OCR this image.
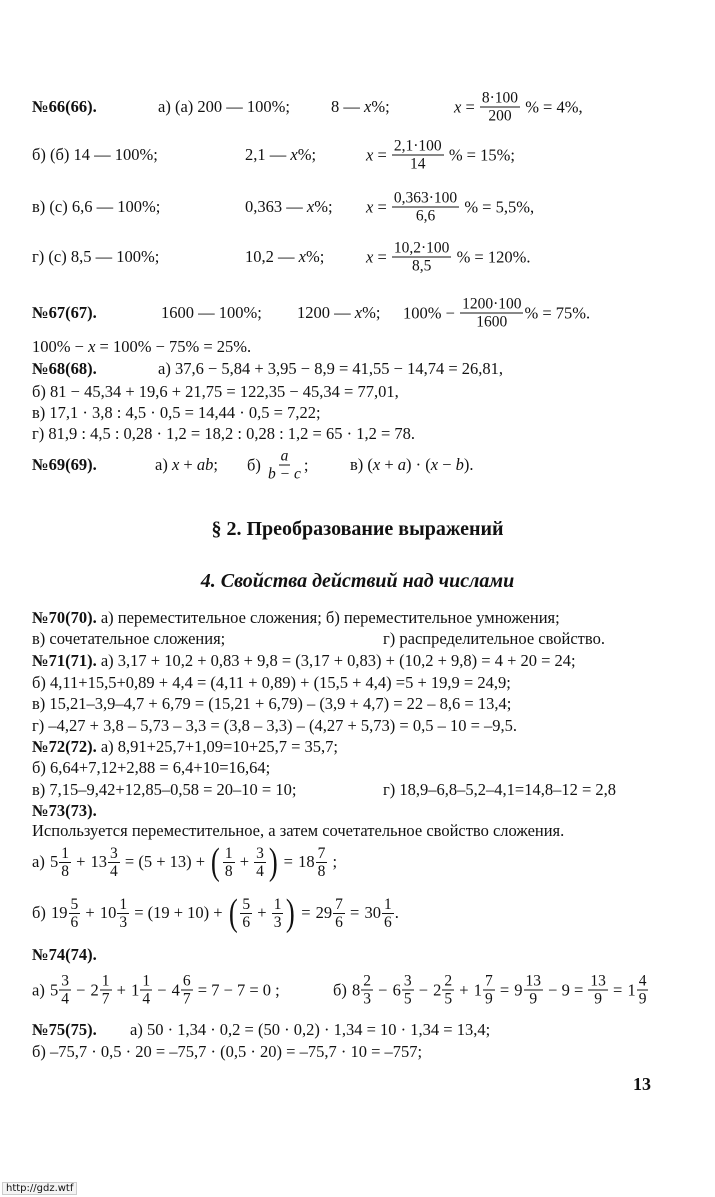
№66(66).	а) (а) 200 — 100%; 8 — x %;	$x = \frac{8\cdot 100}{200}$ % = 4%,
б) (б) 14 — 100%;	2,1 — x %;	$x = \frac{2,1\cdot 100}{14}$ % = 15%;
в) (с) 6,6 — 100%;	0,363 — x %; $x = \frac{0,363\cdot 100}{6,6}$ % = 5,5%,
г) (с) 8,5 — 100%;	10,2 — x %;	$x = \frac{10,2\cdot 100}{8,5}$ % = 120%.
№67(67).	1600 — 100%; 1200 — x %; $100\% - \frac{1200\cdot 100}{1600}$ % = 75%.
100% − x = 100% − 75% = 25%.
№68(68).	а) 37,6 − 5,84 + 3,95 − 8,9 = 41,55 − 14,74 = 26,81,
б) 81 − 45,34 + 19,6 + 21,75 = 122,35 − 45,34 = 77,01,
в) 17,1 · 3,8 : 4,5 · 0,5 = 14,44 · 0,5 = 7,22;
г) 81,9 : 4,5 : 0,28 · 1,2 = 18,2 : 0,28 : 1,2 = 65 · 1,2 = 78.
№69(69).	а) x + ab ; $б) \frac{a}{b - c}$ ;	в) ( x + a ) · ( x − b ).
№70(70). а) переместительное сложения; б) переместительное умножения;
в) сочетательное сложения;	г) распределительное свойство.
№71(71). а) 3,17 + 10,2 + 0,83 + 9,8 = (3,17 + 0,83) + (10,2 + 9,8) = 4 + 20 = 24;
б) 4,11+15,5+0,89 + 4,4 = (4,11 + 0,89) + (15,5 + 4,4) =5 + 19,9 = 24,9;
в) 15,21–3,9–4,7 + 6,79 = (15,21 + 6,79) – (3,9 + 4,7) = 22 – 8,6 = 13,4;
г) –4,27 + 3,8 – 5,73 – 3,3 = (3,8 – 3,3) – (4,27 + 5,73) = 0,5 – 10 = –9,5.
№72(72). а) 8,91+25,7+1,09=10+25,7 = 35,7;
б) 6,64+7,12+2,88 = 6,4+10=16,64;
в) 7,15–9,42+12,85–0,58 = 20–10 = 10;	г) 18,9–6,8–5,2–4,1=14,8–12 = 2,8
№73(73).
Используется переместительное, а затем сочетательное свойство сложения.
а) $5 \frac{1}{8} + 13 \frac{3}{4} = (5 + 13)$ + ( $\frac{1}{8} + \frac{3}{4}$ ) = $18 \frac{7}{8}$ ;
б) $19 \frac{5}{6} + 10 \frac{1}{3} = (19 + 10)$ + ( $\frac{5}{6} + \frac{1}{3}$ ) = $29 \frac{7}{6} = 30 \frac{1}{6}$ .
№74(74).
а) $5 \frac{3}{4} - 2 \frac{1}{7} + 1 \frac{1}{4} - 4 \frac{6}{7} = 7 - 7 = 0$ ;	б) $8 \frac{2}{3} - 6 \frac{3}{5} - 2 \frac{2}{5} + 1 \frac{7}{9} = 9 \frac{13}{9} - 9 = \frac{13}{9} = 1 \frac{4}{9}$
№75(75). а) 50 · 1,34 · 0,2 = (50 · 0,2) · 1,34 = 10 · 1,34 = 13,4;
б) –75,7 · 0,5 · 20 = –75,7 · (0,5 · 20) = –75,7 · 10 = –757;
§ 2. Преобразование выражений
4. Свойства действий над числами
13
http://gdz.wtf
